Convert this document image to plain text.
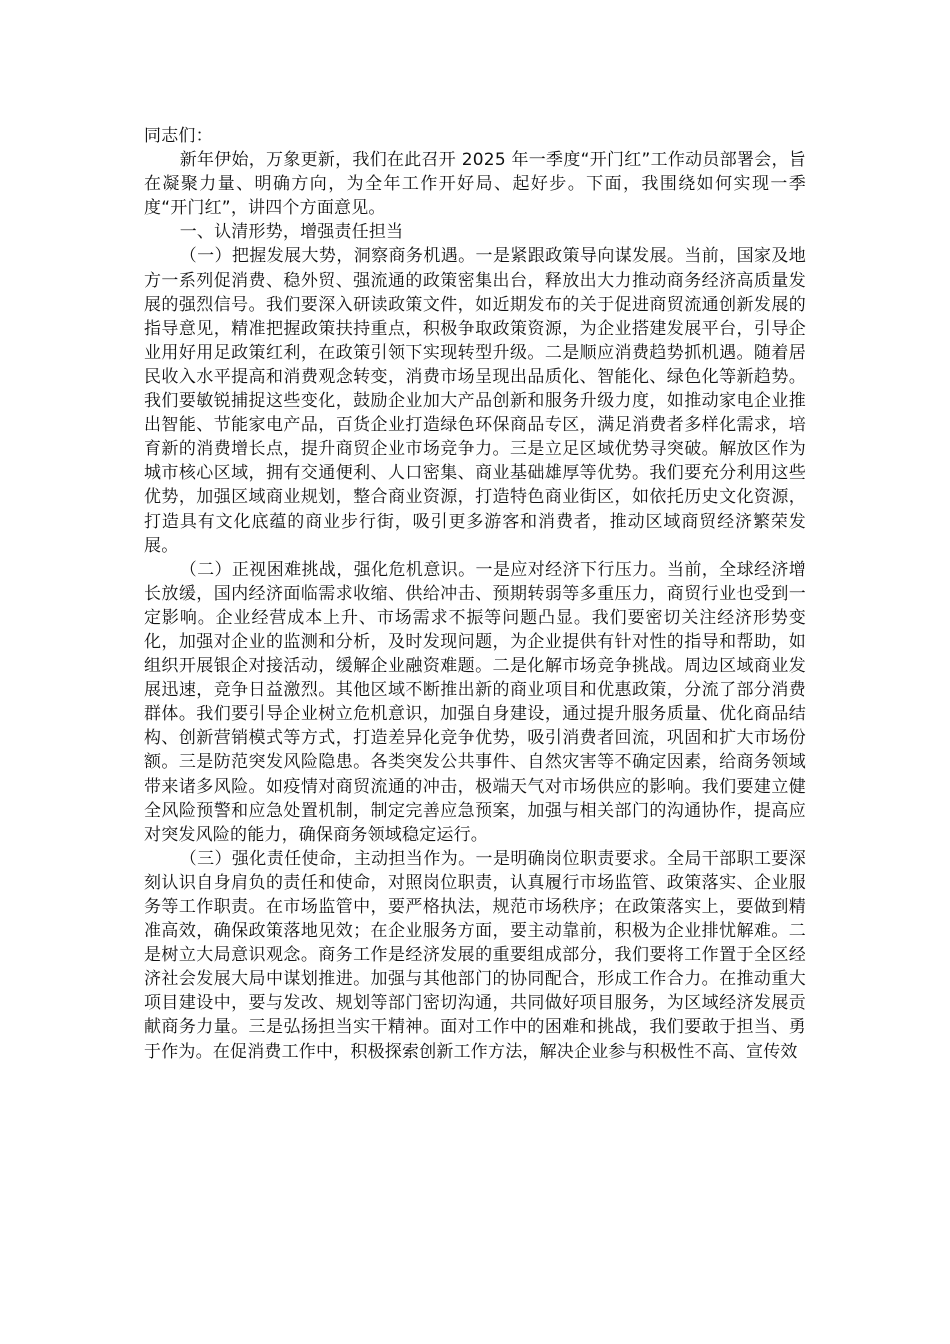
同志们：

新年伊始，万象更新，我们在此召开 2025 年一季度“开门红”工作动员部署会，旨在凝聚力量、明确方向，为全年工作开好局、起好步。下面，我围绕如何实现一季度“开门红”，讲四个方面意见。

一、认清形势，增强责任担当

（一）把握发展大势，洞察商务机遇。一是紧跟政策导向谋发展。当前，国家及地方一系列促消费、稳外贸、强流通的政策密集出台，释放出大力推动商务经济高质量发展的强烈信号。我们要深入研读政策文件，如近期发布的关于促进商贸流通创新发展的指导意见，精准把握政策扶持重点，积极争取政策资源，为企业搭建发展平台，引导企业用好用足政策红利，在政策引领下实现转型升级。二是顺应消费趋势抓机遇。随着居民收入水平提高和消费观念转变，消费市场呈现出品质化、智能化、绿色化等新趋势。我们要敏锐捕捉这些变化，鼓励企业加大产品创新和服务升级力度，如推动家电企业推出智能、节能家电产品，百货企业打造绿色环保商品专区，满足消费者多样化需求，培育新的消费增长点，提升商贸企业市场竞争力。三是立足区域优势寻突破。解放区作为城市核心区域，拥有交通便利、人口密集、商业基础雄厚等优势。我们要充分利用这些优势，加强区域商业规划，整合商业资源，打造特色商业街区，如依托历史文化资源，打造具有文化底蕴的商业步行街，吸引更多游客和消费者，推动区域商贸经济繁荣发展。

（二）正视困难挑战，强化危机意识。一是应对经济下行压力。当前，全球经济增长放缓，国内经济面临需求收缩、供给冲击、预期转弱等多重压力，商贸行业也受到一定影响。企业经营成本上升、市场需求不振等问题凸显。我们要密切关注经济形势变化，加强对企业的监测和分析，及时发现问题，为企业提供有针对性的指导和帮助，如组织开展银企对接活动，缓解企业融资难题。二是化解市场竞争挑战。周边区域商业发展迅速，竞争日益激烈。其他区域不断推出新的商业项目和优惠政策，分流了部分消费群体。我们要引导企业树立危机意识，加强自身建设，通过提升服务质量、优化商品结构、创新营销模式等方式，打造差异化竞争优势，吸引消费者回流，巩固和扩大市场份额。三是防范突发风险隐患。各类突发公共事件、自然灾害等不确定因素，给商务领域带来诸多风险。如疫情对商贸流通的冲击，极端天气对市场供应的影响。我们要建立健全风险预警和应急处置机制，制定完善应急预案，加强与相关部门的沟通协作，提高应对突发风险的能力，确保商务领域稳定运行。

（三）强化责任使命，主动担当作为。一是明确岗位职责要求。全局干部职工要深刻认识自身肩负的责任和使命，对照岗位职责，认真履行市场监管、政策落实、企业服务等工作职责。在市场监管中，要严格执法，规范市场秩序；在政策落实上，要做到精准高效，确保政策落地见效；在企业服务方面，要主动靠前，积极为企业排忧解难。二是树立大局意识观念。商务工作是经济发展的重要组成部分，我们要将工作置于全区经济社会发展大局中谋划推进。加强与其他部门的协同配合，形成工作合力。在推动重大项目建设中，要与发改、规划等部门密切沟通，共同做好项目服务，为区域经济发展贡献商务力量。三是弘扬担当实干精神。面对工作中的困难和挑战，我们要敢于担当、勇于作为。在促消费工作中，积极探索创新工作方法，解决企业参与积极性不高、宣传效
